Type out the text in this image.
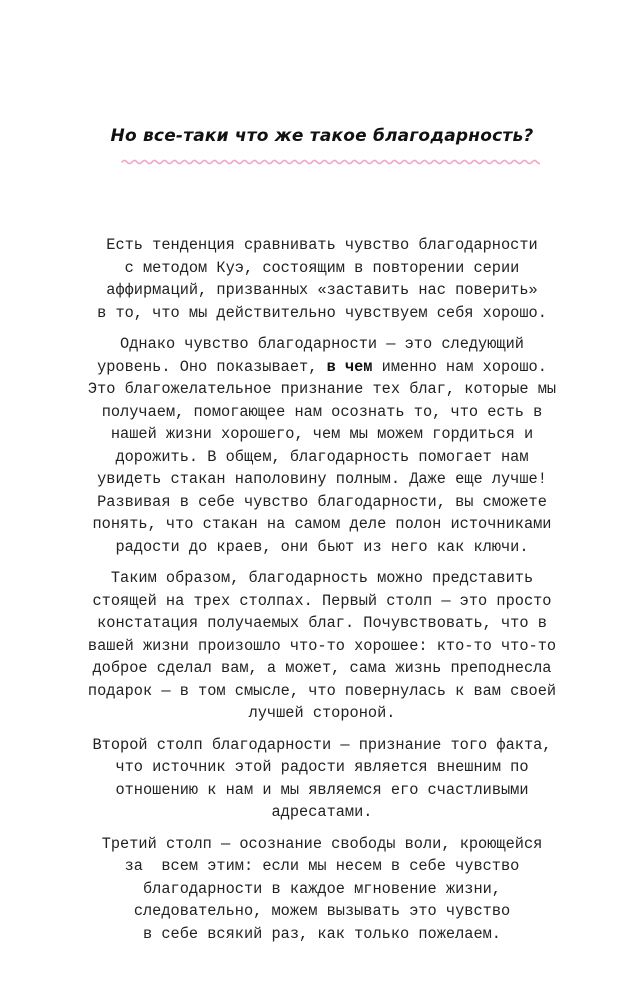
Но все-таки что же такое благодарность?
Есть тенденция сравнивать чувство благодарности
с методом Куэ, состоящим в повторении серии
аффирмаций, призванных «заставить нас поверить»
в то, что мы действительно чувствуем себя хорошо.
Однако чувство благодарности — это следующий
уровень. Оно показывает, в чем именно нам хорошо.
Это благожелательное признание тех благ, которые мы
получаем, помогающее нам осознать то, что есть в
нашей жизни хорошего, чем мы можем гордиться и
дорожить. В общем, благодарность помогает нам
увидеть стакан наполовину полным. Даже еще лучше!
Развивая в себе чувство благодарности, вы сможете
понять, что стакан на самом деле полон источниками
радости до краев, они бьют из него как ключи.
Таким образом, благодарность можно представить
стоящей на трех столпах. Первый столп — это просто
констатация получаемых благ. Почувствовать, что в
вашей жизни произошло что-то хорошее: кто-то что-то
доброе сделал вам, а может, сама жизнь преподнесла
подарок — в том смысле, что повернулась к вам своей
лучшей стороной.
Второй столп благодарности — признание того факта,
что источник этой радости является внешним по
отношению к нам и мы являемся его счастливыми
адресатами.
Третий столп — осознание свободы воли, кроющейся
за  всем этим: если мы несем в себе чувство
благодарности в каждое мгновение жизни,
следовательно, можем вызывать это чувство
в себе всякий раз, как только пожелаем.
